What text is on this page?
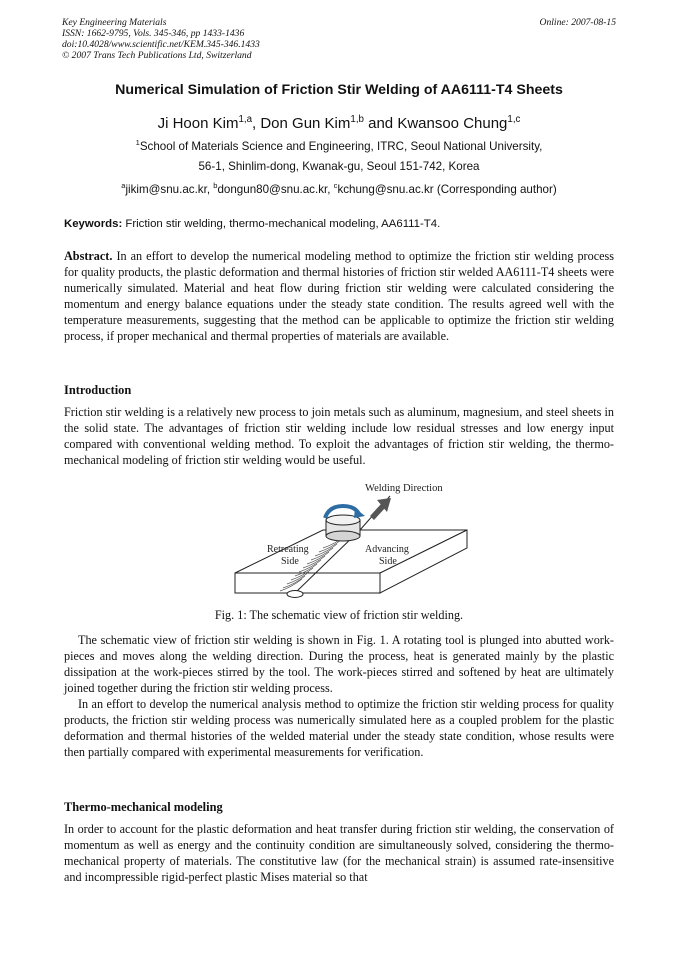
Key Engineering Materials
ISSN: 1662-9795, Vols. 345-346, pp 1433-1436
doi:10.4028/www.scientific.net/KEM.345-346.1433
© 2007 Trans Tech Publications Ltd, Switzerland
Online: 2007-08-15
Numerical Simulation of Friction Stir Welding of AA6111-T4 Sheets
Ji Hoon Kim$^{1,a}$, Don Gun Kim$^{1,b}$ and Kwansoo Chung$^{1,c}$
$^1$School of Materials Science and Engineering, ITRC, Seoul National University,
56-1, Shinlim-dong, Kwanak-gu, Seoul 151-742, Korea
$^a$jikim@snu.ac.kr, $^b$dongun80@snu.ac.kr, $^c$kchung@snu.ac.kr (Corresponding author)
Keywords: Friction stir welding, thermo-mechanical modeling, AA6111-T4.
Abstract. In an effort to develop the numerical modeling method to optimize the friction stir welding process for quality products, the plastic deformation and thermal histories of friction stir welded AA6111-T4 sheets were numerically simulated. Material and heat flow during friction stir welding were calculated considering the momentum and energy balance equations under the steady state condition. The results agreed well with the temperature measurements, suggesting that the method can be applicable to optimize the friction stir welding process, if proper mechanical and thermal properties of materials are available.
Introduction
Friction stir welding is a relatively new process to join metals such as aluminum, magnesium, and steel sheets in the solid state. The advantages of friction stir welding include low residual stresses and low energy input compared with conventional welding method. To exploit the advantages of friction stir welding, the thermo-mechanical modeling of friction stir welding would be useful.
Welding Direction
Retreating
Side
Advancing
Side
Fig. 1: The schematic view of friction stir welding.
The schematic view of friction stir welding is shown in Fig. 1. A rotating tool is plunged into abutted work-pieces and moves along the welding direction. During the process, heat is generated mainly by the plastic dissipation at the work-pieces stirred by the tool. The work-pieces stirred and softened by heat are ultimately joined together during the friction stir welding process.
In an effort to develop the numerical analysis method to optimize the friction stir welding process for quality products, the friction stir welding process was numerically simulated here as a coupled problem for the plastic deformation and thermal histories of the welded material under the steady state condition, whose results were then partially compared with experimental measurements for verification.
Thermo-mechanical modeling
In order to account for the plastic deformation and heat transfer during friction stir welding, the conservation of momentum as well as energy and the continuity condition are simultaneously solved, considering the thermo-mechanical property of materials. The constitutive law (for the mechanical strain) is assumed rate-insensitive and incompressible rigid-perfect plastic Mises material so that
